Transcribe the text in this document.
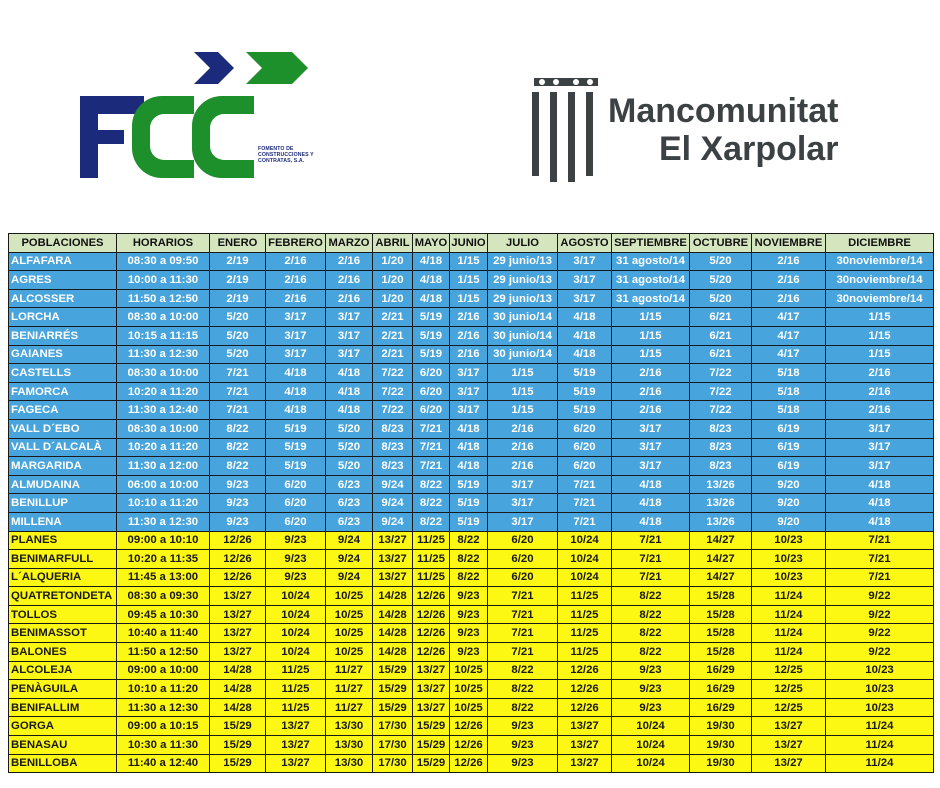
FOMENTO DE
CONSTRUCCIONES Y
CONTRATAS, S.A.
Mancomunitat
El Xarpolar
POBLACIONES	HORARIOS	ENERO	FEBRERO	MARZO	ABRIL	MAYO	JUNIO	JULIO	AGOSTO	SEPTIEMBRE	OCTUBRE	NOVIEMBRE	DICIEMBRE
ALFAFARA	08:30 a 09:50	2/19	2/16	2/16	1/20	4/18	1/15	29 junio/13	3/17	31 agosto/14	5/20	2/16	30noviembre/14
AGRES	10:00 a 11:30	2/19	2/16	2/16	1/20	4/18	1/15	29 junio/13	3/17	31 agosto/14	5/20	2/16	30noviembre/14
ALCOSSER	11:50 a 12:50	2/19	2/16	2/16	1/20	4/18	1/15	29 junio/13	3/17	31 agosto/14	5/20	2/16	30noviembre/14
LORCHA	08:30 a 10:00	5/20	3/17	3/17	2/21	5/19	2/16	30 junio/14	4/18	1/15	6/21	4/17	1/15
BENIARRÉS	10:15 a 11:15	5/20	3/17	3/17	2/21	5/19	2/16	30 junio/14	4/18	1/15	6/21	4/17	1/15
GAIANES	11:30 a 12:30	5/20	3/17	3/17	2/21	5/19	2/16	30 junio/14	4/18	1/15	6/21	4/17	1/15
CASTELLS	08:30 a 10:00	7/21	4/18	4/18	7/22	6/20	3/17	1/15	5/19	2/16	7/22	5/18	2/16
FAMORCA	10:20 a 11:20	7/21	4/18	4/18	7/22	6/20	3/17	1/15	5/19	2/16	7/22	5/18	2/16
FAGECA	11:30 a 12:40	7/21	4/18	4/18	7/22	6/20	3/17	1/15	5/19	2/16	7/22	5/18	2/16
VALL D´EBO	08:30 a 10:00	8/22	5/19	5/20	8/23	7/21	4/18	2/16	6/20	3/17	8/23	6/19	3/17
VALL D´ALCALÀ	10:20 a 11:20	8/22	5/19	5/20	8/23	7/21	4/18	2/16	6/20	3/17	8/23	6/19	3/17
MARGARIDA	11:30 a 12:00	8/22	5/19	5/20	8/23	7/21	4/18	2/16	6/20	3/17	8/23	6/19	3/17
ALMUDAINA	06:00 a 10:00	9/23	6/20	6/23	9/24	8/22	5/19	3/17	7/21	4/18	13/26	9/20	4/18
BENILLUP	10:10 a 11:20	9/23	6/20	6/23	9/24	8/22	5/19	3/17	7/21	4/18	13/26	9/20	4/18
MILLENA	11:30 a 12:30	9/23	6/20	6/23	9/24	8/22	5/19	3/17	7/21	4/18	13/26	9/20	4/18
PLANES	09:00 a 10:10	12/26	9/23	9/24	13/27	11/25	8/22	6/20	10/24	7/21	14/27	10/23	7/21
BENIMARFULL	10:20 a 11:35	12/26	9/23	9/24	13/27	11/25	8/22	6/20	10/24	7/21	14/27	10/23	7/21
L´ALQUERIA	11:45 a 13:00	12/26	9/23	9/24	13/27	11/25	8/22	6/20	10/24	7/21	14/27	10/23	7/21
QUATRETONDETA	08:30 a 09:30	13/27	10/24	10/25	14/28	12/26	9/23	7/21	11/25	8/22	15/28	11/24	9/22
TOLLOS	09:45 a 10:30	13/27	10/24	10/25	14/28	12/26	9/23	7/21	11/25	8/22	15/28	11/24	9/22
BENIMASSOT	10:40 a 11:40	13/27	10/24	10/25	14/28	12/26	9/23	7/21	11/25	8/22	15/28	11/24	9/22
BALONES	11:50 a 12:50	13/27	10/24	10/25	14/28	12/26	9/23	7/21	11/25	8/22	15/28	11/24	9/22
ALCOLEJA	09:00 a 10:00	14/28	11/25	11/27	15/29	13/27	10/25	8/22	12/26	9/23	16/29	12/25	10/23
PENÀGUILA	10:10 a 11:20	14/28	11/25	11/27	15/29	13/27	10/25	8/22	12/26	9/23	16/29	12/25	10/23
BENIFALLIM	11:30 a 12:30	14/28	11/25	11/27	15/29	13/27	10/25	8/22	12/26	9/23	16/29	12/25	10/23
GORGA	09:00 a 10:15	15/29	13/27	13/30	17/30	15/29	12/26	9/23	13/27	10/24	19/30	13/27	11/24
BENASAU	10:30 a 11:30	15/29	13/27	13/30	17/30	15/29	12/26	9/23	13/27	10/24	19/30	13/27	11/24
BENILLOBA	11:40 a 12:40	15/29	13/27	13/30	17/30	15/29	12/26	9/23	13/27	10/24	19/30	13/27	11/24
